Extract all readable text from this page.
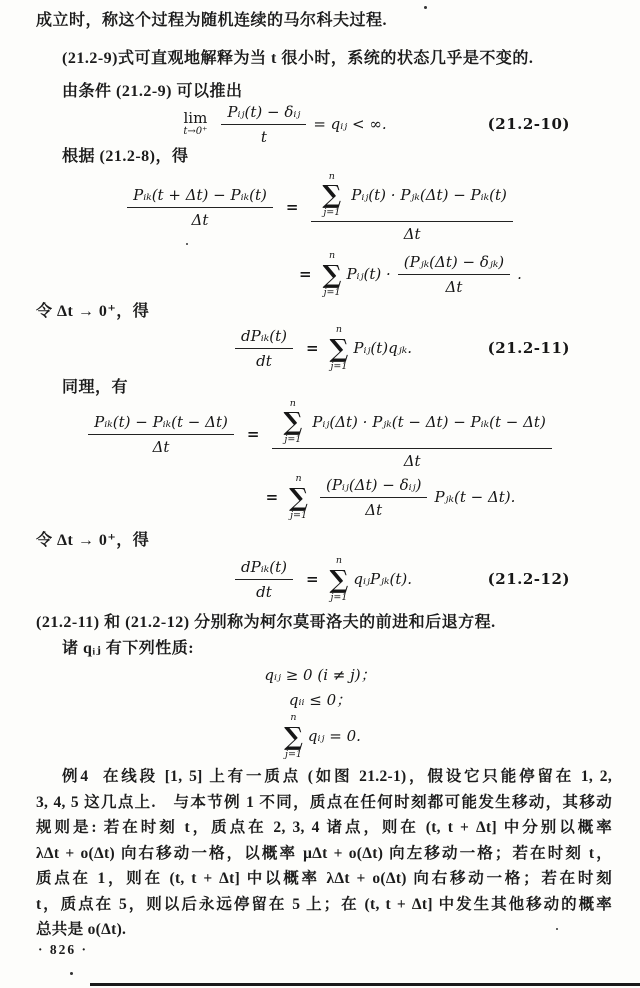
成立时，称这个过程为随机连续的马尔科夫过程.
(21.2-9)式可直观地解释为当 t 很小时，系统的状态几乎是不变的.
由条件 (21.2-9) 可以推出
lim
$t\to 0^+ \frac{\text{Pᵢⱼ(t) − δᵢⱼ}}{t}$ = qᵢⱼ < ∞.	(21.2-10)
根据 (21.2-8)，得
$\frac{\text{Pᵢₖ(t + Δt) − Pᵢₖ(t)}}{\Delta t}$ =
n
∑
j=1
Pᵢⱼ(t) · Pⱼₖ(Δt) − Pᵢₖ(t)
Δt
=
n
∑
j=1
Pᵢⱼ(t) · $\frac{\text{(Pⱼₖ(Δt) − δⱼₖ)}}{\Delta t}$ .
令 Δt → 0⁺，得
$\frac{\text{dPᵢₖ(t)}}{dt}$ =
n
∑
j=1
Pᵢⱼ(t)qⱼₖ.	(21.2-11)
同理，有
$\frac{\text{Pᵢₖ(t) − Pᵢₖ(t − Δt)}}{\Delta t}$ =
n
∑
j=1
Pᵢⱼ(Δt) · Pⱼₖ(t − Δt) − Pᵢₖ(t − Δt)
Δt
=
n
∑
$j=1 \frac{\text{(Pᵢⱼ(Δt) − δᵢⱼ)}}{\Delta t}$ Pⱼₖ(t − Δt).
令 Δt → 0⁺，得
$\frac{\text{dPᵢₖ(t)}}{dt}$ =
n
∑
j=1
qᵢⱼPⱼₖ(t).	(21.2-12)
(21.2-11) 和 (21.2-12) 分别称为柯尔莫哥洛夫的前进和后退方程.
诸 qᵢⱼ 有下列性质:
qᵢⱼ ≥ 0 (i ≠ j)；
qᵢᵢ ≤ 0；
n
∑
j=1
qᵢⱼ = 0.
例4 在线段 [1, 5] 上有一质点 (如图 21.2-1)，假设它只能停留在 1, 2,
3, 4, 5 这几点上.　与本节例 1 不同，质点在任何时刻都可能发生移动，其移动
规则是: 若在时刻 t，质点在 2, 3, 4 诸点，则在 (t, t + Δt] 中分别以概率
λΔt + o(Δt) 向右移动一格，以概率 μΔt + o(Δt) 向左移动一格；若在时刻 t，
质点在 1，则在 (t, t + Δt] 中以概率 λΔt + o(Δt) 向右移动一格；若在时刻
t，质点在 5，则以后永远停留在 5 上；在 (t, t + Δt] 中发生其他移动的概率
总共是 o(Δt).
· 826 ·
